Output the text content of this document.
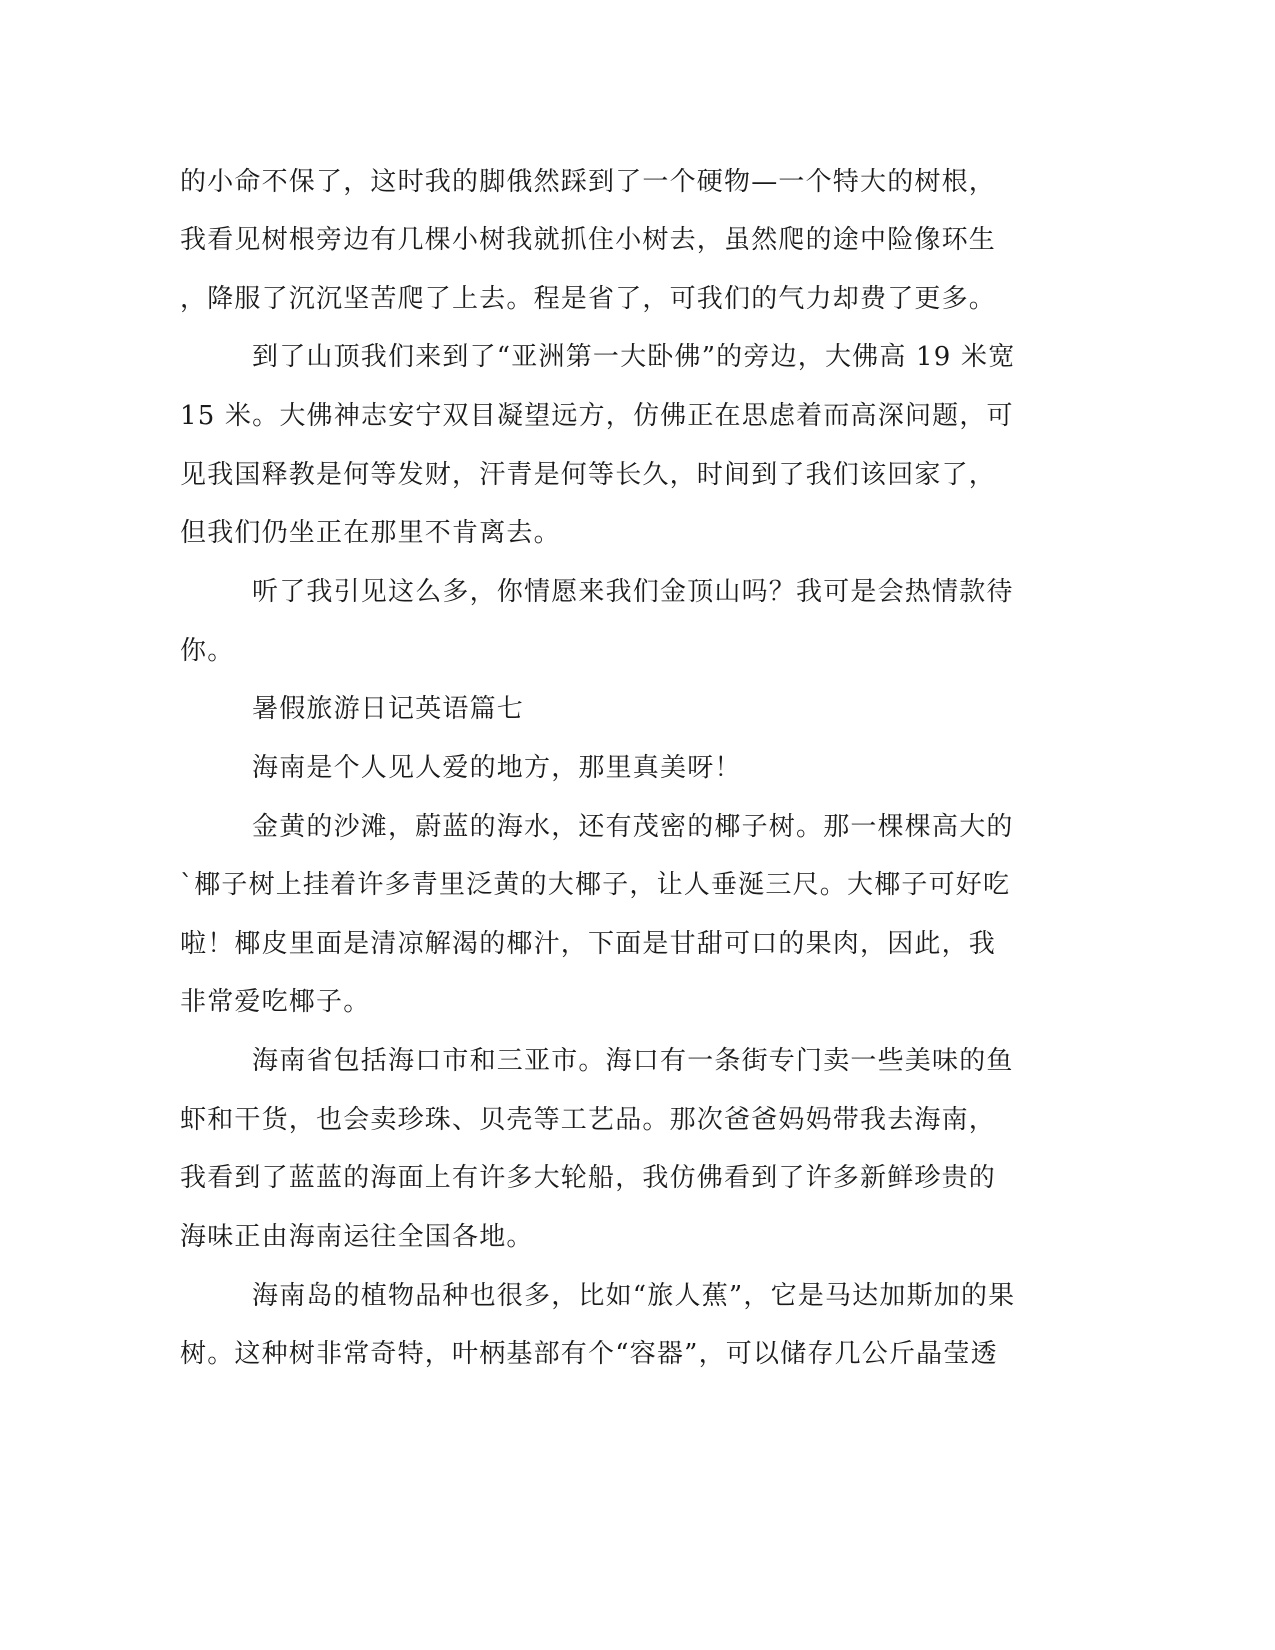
的小命不保了，这时我的脚俄然踩到了一个硬物—一个特大的树根，
我看见树根旁边有几棵小树我就抓住小树去，虽然爬的途中险像环生
，降服了沉沉坚苦爬了上去。程是省了，可我们的气力却费了更多。
到了山顶我们来到了“亚洲第一大卧佛”的旁边，大佛高 19 米宽
15 米。大佛神志安宁双目凝望远方，仿佛正在思虑着而高深问题，可
见我国释教是何等发财，汗青是何等长久，时间到了我们该回家了，
但我们仍坐正在那里不肯离去。
听了我引见这么多，你情愿来我们金顶山吗？我可是会热情款待
你。
暑假旅游日记英语篇七
海南是个人见人爱的地方，那里真美呀！
金黄的沙滩，蔚蓝的海水，还有茂密的椰子树。那一棵棵高大的
`椰子树上挂着许多青里泛黄的大椰子，让人垂涎三尺。大椰子可好吃
啦！椰皮里面是清凉解渴的椰汁，下面是甘甜可口的果肉，因此，我
非常爱吃椰子。
海南省包括海口市和三亚市。海口有一条街专门卖一些美味的鱼
虾和干货，也会卖珍珠、贝壳等工艺品。那次爸爸妈妈带我去海南，
我看到了蓝蓝的海面上有许多大轮船，我仿佛看到了许多新鲜珍贵的
海味正由海南运往全国各地。
海南岛的植物品种也很多，比如“旅人蕉”，它是马达加斯加的果
树。这种树非常奇特，叶柄基部有个“容器”，可以储存几公斤晶莹透
